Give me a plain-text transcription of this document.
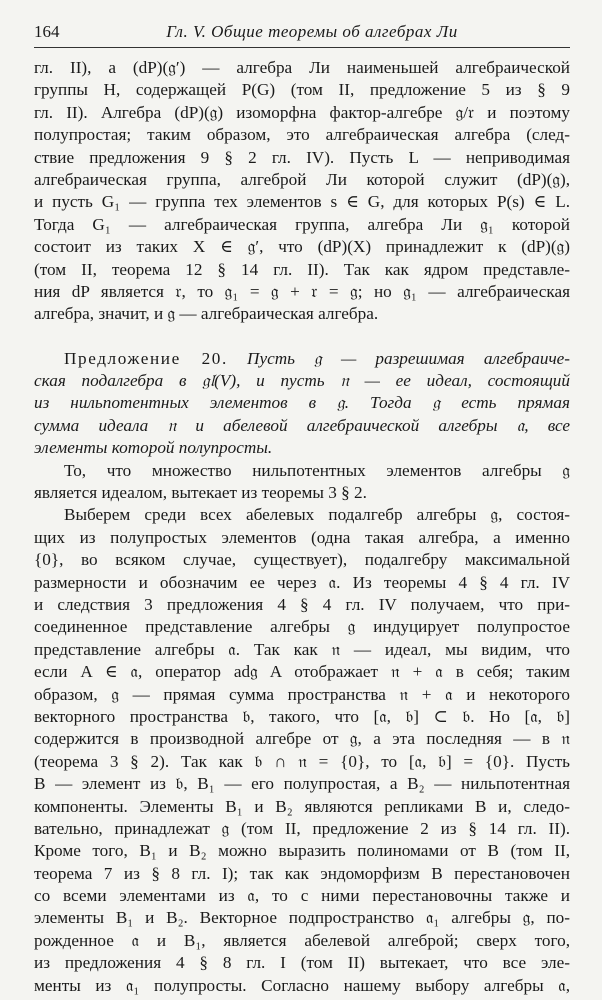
164	Гл. V. Общие теоремы об алгебрах Ли
гл. II), а (dP)(𝔤′) — алгебра Ли наименьшей алгебраической
группы H, содержащей P(G) (том II, предложение 5 из § 9
гл. II). Алгебра (dP)(𝔤) изоморфна фактор-алгебре 𝔤/𝔯 и поэтому
полупростая; таким образом, это алгебраическая алгебра (след-
ствие предложения 9 § 2 гл. IV). Пусть L — неприводимая
алгебраическая группа, алгеброй Ли которой служит (dP)(𝔤),
и пусть G₁ — группа тех элементов s ∈ G, для которых P(s) ∈ L.
Тогда G₁ — алгебраическая группа, алгебра Ли 𝔤₁ которой
состоит из таких X ∈ 𝔤′, что (dP)(X) принадлежит к (dP)(𝔤)
(том II, теорема 12 § 14 гл. II). Так как ядром представле-
ния dP является 𝔯, то 𝔤₁ = 𝔤 + 𝔯 = 𝔤; но 𝔤₁ — алгебраическая
алгебра, значит, и 𝔤 — алгебраическая алгебра.
Предложение 20. Пусть 𝔤 — разрешимая алгебраиче-
ская подалгебра в 𝔤𝔩(V), и пусть 𝔫 — ее идеал, состоящий
из нильпотентных элементов в 𝔤. Тогда 𝔤 есть прямая
сумма идеала 𝔫 и абелевой алгебраической алгебры 𝔞, все
элементы которой полупросты.
То, что множество нильпотентных элементов алгебры 𝔤
является идеалом, вытекает из теоремы 3 § 2.
Выберем среди всех абелевых подалгебр алгебры 𝔤, состоя-
щих из полупростых элементов (одна такая алгебра, а именно
{0}, во всяком случае, существует), подалгебру максимальной
размерности и обозначим ее через 𝔞. Из теоремы 4 § 4 гл. IV
и следствия 3 предложения 4 § 4 гл. IV получаем, что при-
соединенное представление алгебры 𝔤 индуцирует полупростое
представление алгебры 𝔞. Так как 𝔫 — идеал, мы видим, что
если A ∈ 𝔞, оператор ad𝔤 A отображает 𝔫 + 𝔞 в себя; таким
образом, 𝔤 — прямая сумма пространства 𝔫 + 𝔞 и некоторого
векторного пространства 𝔟, такого, что [𝔞, 𝔟] ⊂ 𝔟. Но [𝔞, 𝔟]
содержится в производной алгебре от 𝔤, а эта последняя — в 𝔫
(теорема 3 § 2). Так как 𝔟 ∩ 𝔫 = {0}, то [𝔞, 𝔟] = {0}. Пусть
B — элемент из 𝔟, B₁ — его полупростая, а B₂ — нильпотентная
компоненты. Элементы B₁ и B₂ являются репликами B и, следо-
вательно, принадлежат 𝔤 (том II, предложение 2 из § 14 гл. II).
Кроме того, B₁ и B₂ можно выразить полиномами от B (том II,
теорема 7 из § 8 гл. I); так как эндоморфизм B перестановочен
со всеми элементами из 𝔞, то с ними перестановочны также и
элементы B₁ и B₂. Векторное подпространство 𝔞₁ алгебры 𝔤, по-
рожденное 𝔞 и B₁, является абелевой алгеброй; сверх того,
из предложения 4 § 8 гл. I (том II) вытекает, что все эле-
менты из 𝔞₁ полупросты. Согласно нашему выбору алгебры 𝔞,
